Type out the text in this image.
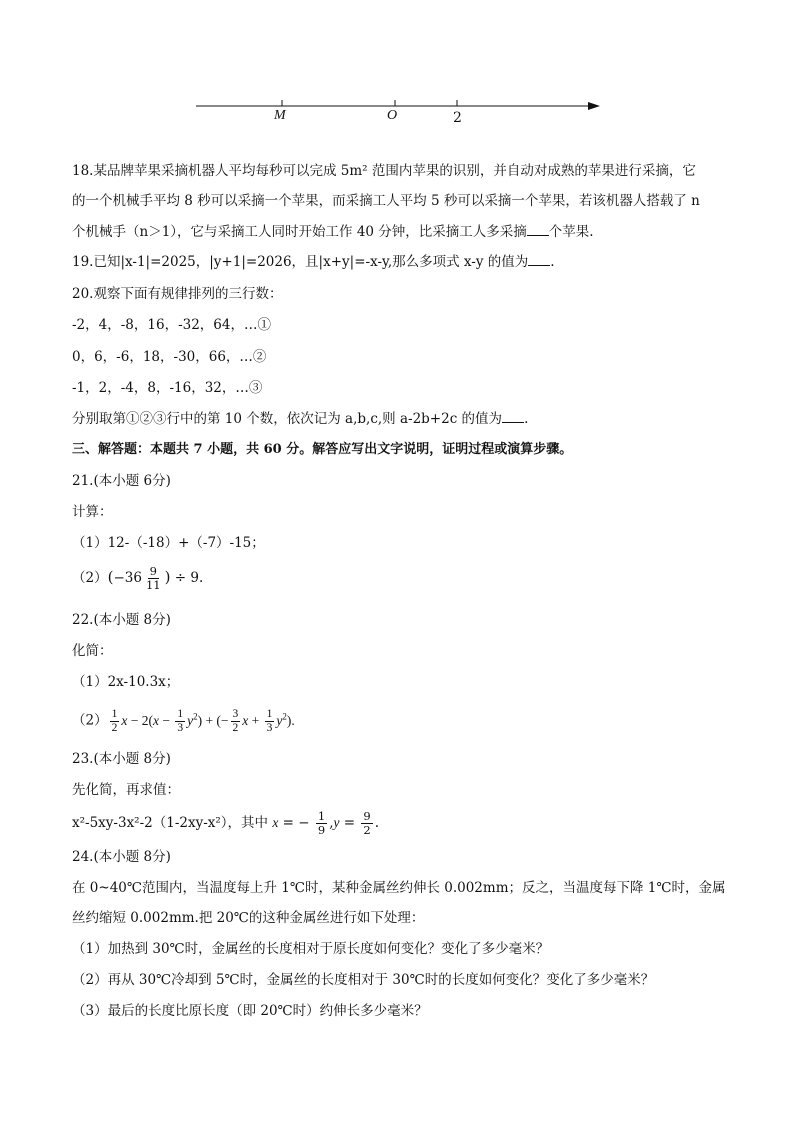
M	O	2
18.某品牌苹果采摘机器人平均每秒可以完成 5m² 范围内苹果的识别，并自动对成熟的苹果进行采摘，它
的一个机械手平均 8 秒可以采摘一个苹果，而采摘工人平均 5 秒可以采摘一个苹果，若该机器人搭载了 n
个机械手（n＞1），它与采摘工人同时开始工作 40 分钟，比采摘工人多采摘 个苹果.
19.已知|x-1|=2025，|y+1|=2026，且|x+y|=-x-y,那么多项式 x-y 的值为 .
20.观察下面有规律排列的三行数：
-2，4，-8，16，-32，64，…①
0，6，-6，18，-30，66，…②
-1，2，-4，8，-16，32，…③
分别取第①②③行中的第 10 个数，依次记为 a,b,c,则 a-2b+2c 的值为 .
三、解答题：本题共 7 小题，共 60 分。解答应写出文字说明，证明过程或演算步骤。
21.(本小题 6分)
计算：
（1）12-（-18）+（-7）-15；
$(2)(-36 \frac{9}{11}$ ) ÷ 9.
22.(本小题 8分)
化简：
（1）2x-10.3x；
$(2) \frac{1}{2}$ $x - 2(x - \frac{1}{3} y^2)$ + (− $\frac{3}{2}$ $x + \frac{1}{3} y^2$).
23.(本小题 8分)
先化简，再求值：
x²-5xy-3x²-2（1-2xy-x²），其中 x = − $\frac{1}{9} ,y = \frac{9}{2}$ .
24.(本小题 8分)
在 0~40℃范围内，当温度每上升 1℃时，某种金属丝约伸长 0.002mm；反之，当温度每下降 1℃时，金属
丝约缩短 0.002mm.把 20℃的这种金属丝进行如下处理：
（1）加热到 30℃时，金属丝的长度相对于原长度如何变化？变化了多少毫米？
（2）再从 30℃冷却到 5℃时，金属丝的长度相对于 30℃时的长度如何变化？变化了多少毫米？
（3）最后的长度比原长度（即 20℃时）约伸长多少毫米？
